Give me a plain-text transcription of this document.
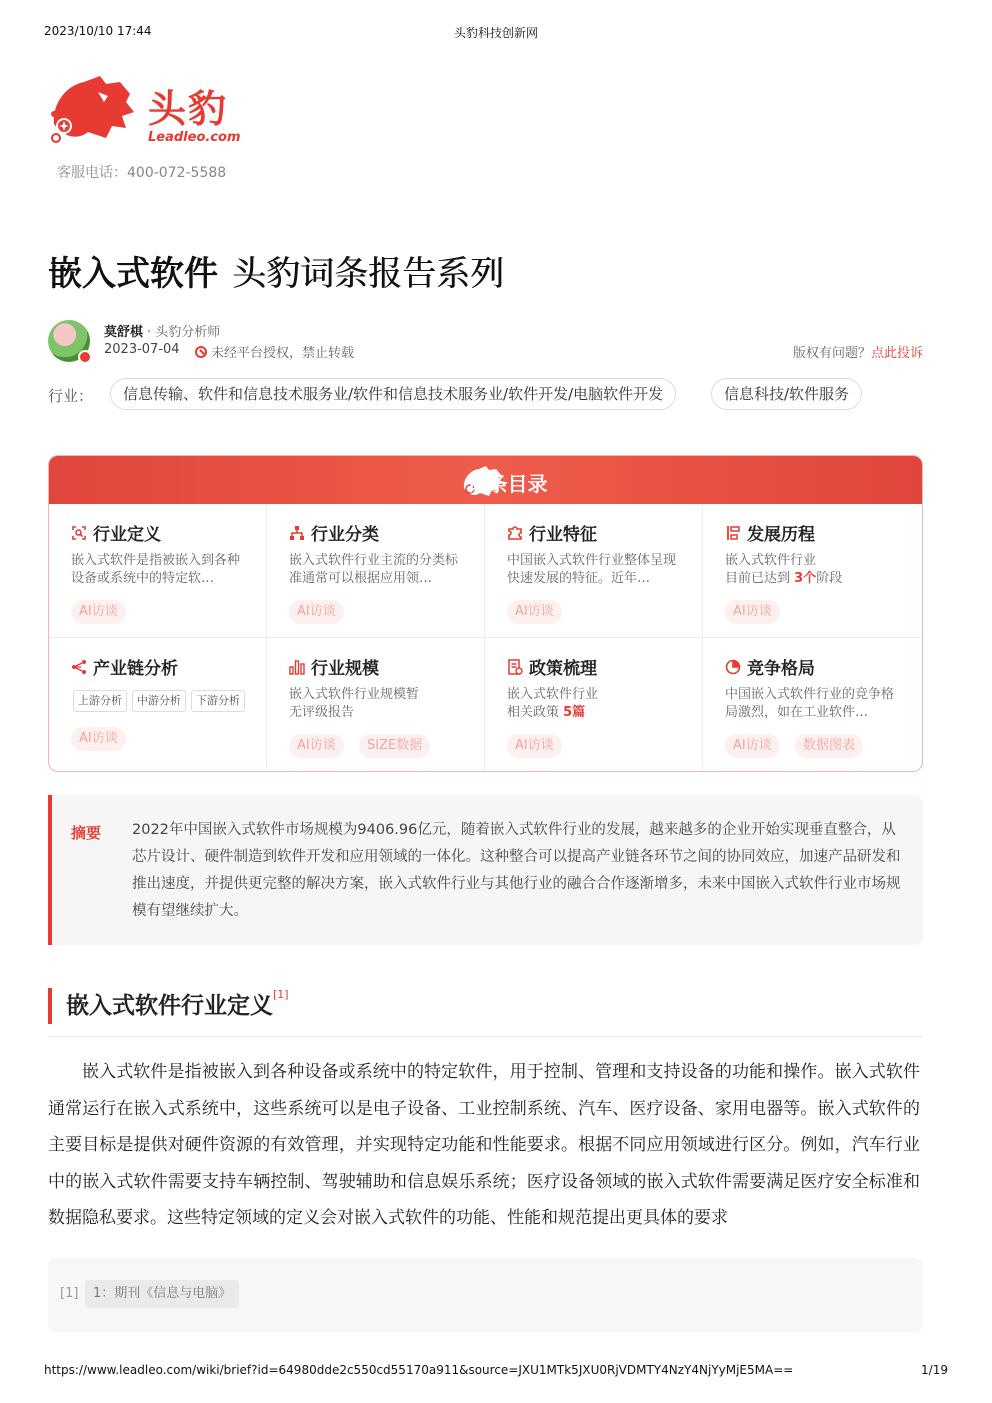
2023/10/10 17:44	头豹科技创新网
头豹
Leadleo.com
客服电话：400-072-5588
嵌入式软件 头豹词条报告系列
莫舒棋 · 头豹分析师
2023-07-04 未经平台授权，禁止转载	版权有问题？点此投诉
行业：	信息传输、软件和信息技术服务业/软件和信息技术服务业/软件开发/电脑软件开发	信息科技/软件服务
词条目录
行业定义
嵌入式软件是指被嵌入到各种设备或系统中的特定软…
AI访谈
行业分类
嵌入式软件行业主流的分类标准通常可以根据应用领…
AI访谈
行业特征
中国嵌入式软件行业整体呈现快速发展的特征。近年…
AI访谈
发展历程
嵌入式软件行业
目前已达到 3个阶段
AI访谈
产业链分析
上游分析	中游分析	下游分析
AI访谈
行业规模
嵌入式软件行业规模暂无评级报告
AI访谈	SIZE数据
政策梳理
嵌入式软件行业
相关政策 5篇
AI访谈
竞争格局
中国嵌入式软件行业的竞争格局激烈，如在工业软件…
AI访谈	数据图表
摘要 2022年中国嵌入式软件市场规模为9406.96亿元，随着嵌入式软件行业的发展，越来越多的企业开始实现垂直整合，从芯片设计、硬件制造到软件开发和应用领域的一体化。这种整合可以提高产业链各环节之间的协同效应，加速产品研发和推出速度，并提供更完整的解决方案，嵌入式软件行业与其他行业的融合合作逐渐增多，未来中国嵌入式软件行业市场规模有望继续扩大。

嵌入式软件行业定义[1]

嵌入式软件是指被嵌入到各种设备或系统中的特定软件，用于控制、管理和支持设备的功能和操作。嵌入式软件通常运行在嵌入式系统中，这些系统可以是电子设备、工业控制系统、汽车、医疗设备、家用电器等。嵌入式软件的主要目标是提供对硬件资源的有效管理，并实现特定功能和性能要求。根据不同应用领域进行区分。例如，汽车行业中的嵌入式软件需要支持车辆控制、驾驶辅助和信息娱乐系统；医疗设备领域的嵌入式软件需要满足医疗安全标准和数据隐私要求。这些特定领域的定义会对嵌入式软件的功能、性能和规范提出更具体的要求

[1]	1：期刊《信息与电脑》
https://www.leadleo.com/wiki/brief?id=64980dde2c550cd55170a911&source=JXU1MTk5JXU0RjVDMTY4NzY4NjYyMjE5MA==	1/19
